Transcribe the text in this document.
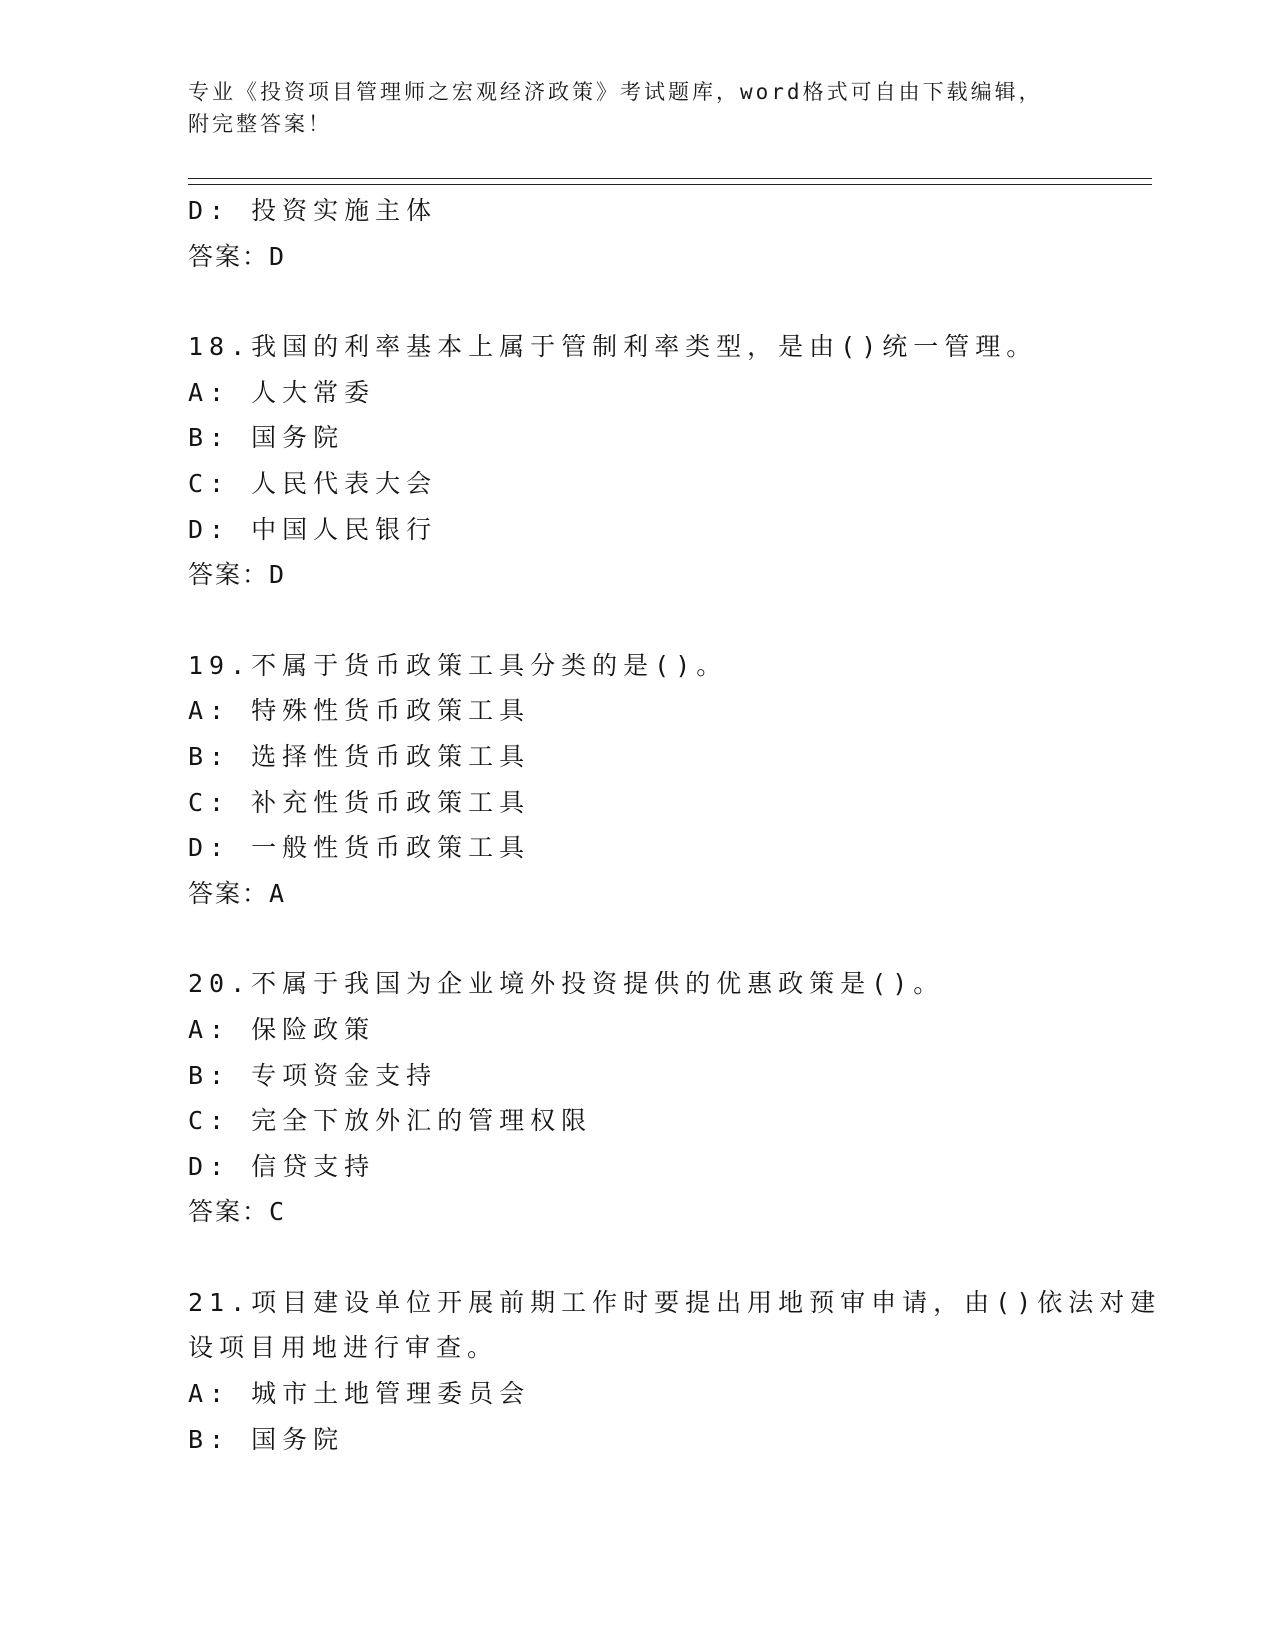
专业《投资项目管理师之宏观经济政策》考试题库，word格式可自由下载编辑，
附完整答案！
D: 投资实施主体
答案：D
18.我国的利率基本上属于管制利率类型，是由()统一管理。
A: 人大常委
B: 国务院
C: 人民代表大会
D: 中国人民银行
答案：D
19.不属于货币政策工具分类的是()。
A: 特殊性货币政策工具
B: 选择性货币政策工具
C: 补充性货币政策工具
D: 一般性货币政策工具
答案：A
20.不属于我国为企业境外投资提供的优惠政策是()。
A: 保险政策
B: 专项资金支持
C: 完全下放外汇的管理权限
D: 信贷支持
答案：C
21.项目建设单位开展前期工作时要提出用地预审申请，由()依法对建
设项目用地进行审查。
A: 城市土地管理委员会
B: 国务院
